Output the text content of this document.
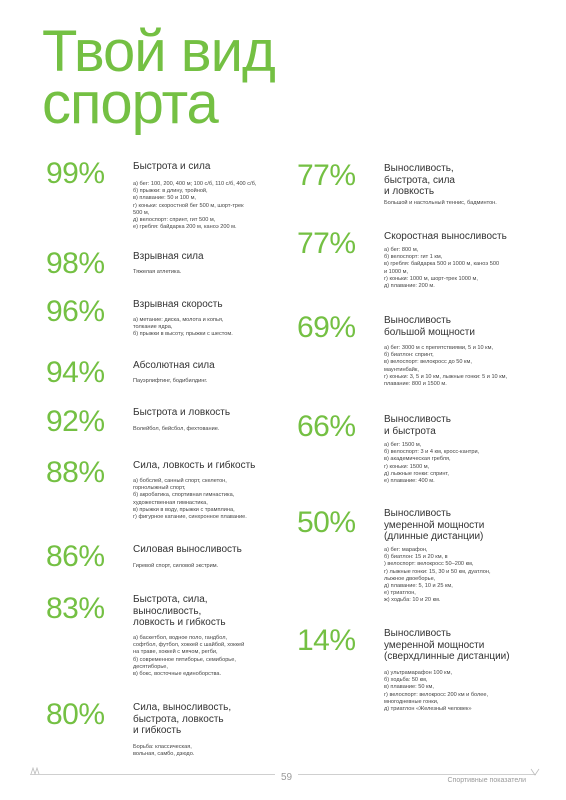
Твой вид
спорта
99%	Быстрота и сила
а) бег: 100, 200, 400 м; 100 с/б, 110 с/б, 400 с/б,
б) прыжки: в длину, тройной,
в) плавание: 50 и 100 м,
г) коньки: скоростной бег 500 м, шорт-трек
500 м,
д) велоспорт: спринт, гит 500 м,
е) гребля: байдарка 200 м, каноэ 200 м.
98%	Взрывная сила
Тяжелая атлетика.
96%	Взрывная скорость
а) метание: диска, молота и копья,
толкание ядра,
б) прыжки в высоту, прыжки с шестом.
94%	Абсолютная сила
Пауэрлифтинг, бодибилдинг.
92%	Быстрота и ловкость
Волейбол, бейсбол, фехтование.
88%	Сила, ловкость и гибкость
а) бобслей, санный спорт, скелетон,
горнолыжный спорт,
б) акробатика, спортивная гимнастика,
художественная гимнастика,
в) прыжки в воду, прыжки с трамплина,
г) фигурное катание, синхронное плавание.
86%	Силовая выносливость
Гиревой спорт, силовой экстрим.
83%	Быстрота, сила,
выносливость,
ловкость и гибкость
а) баскетбол, водное поло, гандбол,
софтбол, футбол, хоккей с шайбой, хоккей
на траве, хоккей с мячом, регби,
б) современное пятиборье, семиборье,
десятиборье,
в) бокс, восточные единоборства.
80%	Сила, выносливость,
быстрота, ловкость
и гибкость
Борьба: классическая,
вольная, самбо, дзюдо.
77%	Выносливость,
быстрота, сила
и ловкость
Большой и настольный теннис, бадминтон.
77%	Скоростная выносливость
а) бег: 800 м,
б) велоспорт: гит 1 км,
в) гребля: байдарка 500 и 1000 м, каноэ 500
и 1000 м,
г) коньки: 1000 м, шорт-трек 1000 м,
д) плавание: 200 м.
69%	Выносливость
большой мощности
а) бег: 3000 м с препятствиями, 5 и 10 км,
б) биатлон: спринт,
в) велоспорт: велокросс до 50 км,
маунтинбайк,
г) коньки: 3, 5 и 10 км, лыжные гонки: 5 и 10 км,
плавание: 800 и 1500 м.
66%	Выносливость
и быстрота
а) бег: 1500 м,
б) велоспорт: 3 и 4 км, кросс-кантри,
в) академическая гребля,
г) коньки: 1500 м,
д) лыжные гонки: спринт,
е) плавание: 400 м.
50%	Выносливость
умеренной мощности
(длинные дистанции)
а) бег: марафон,
б) биатлон: 15 и 20 км, в
) велоспорт: велокросс 50–200 км,
г) лыжные гонки: 15, 30 и 50 км, дуатлон,
лыжное двоеборье,
д) плавание: 5, 10 и 25 км,
е) триатлон,
ж) ходьба: 10 и 20 км.
14%	Выносливость
умеренной мощности
(сверхдлинные дистанции)
а) ультрамарафон 100 км,
б) ходьба: 50 км,
в) плавание: 50 км,
г) велоспорт: велокросс 200 км и более,
многодневные гонки,
д) триатлон «Железный человек»
59	Спортивные показатели
